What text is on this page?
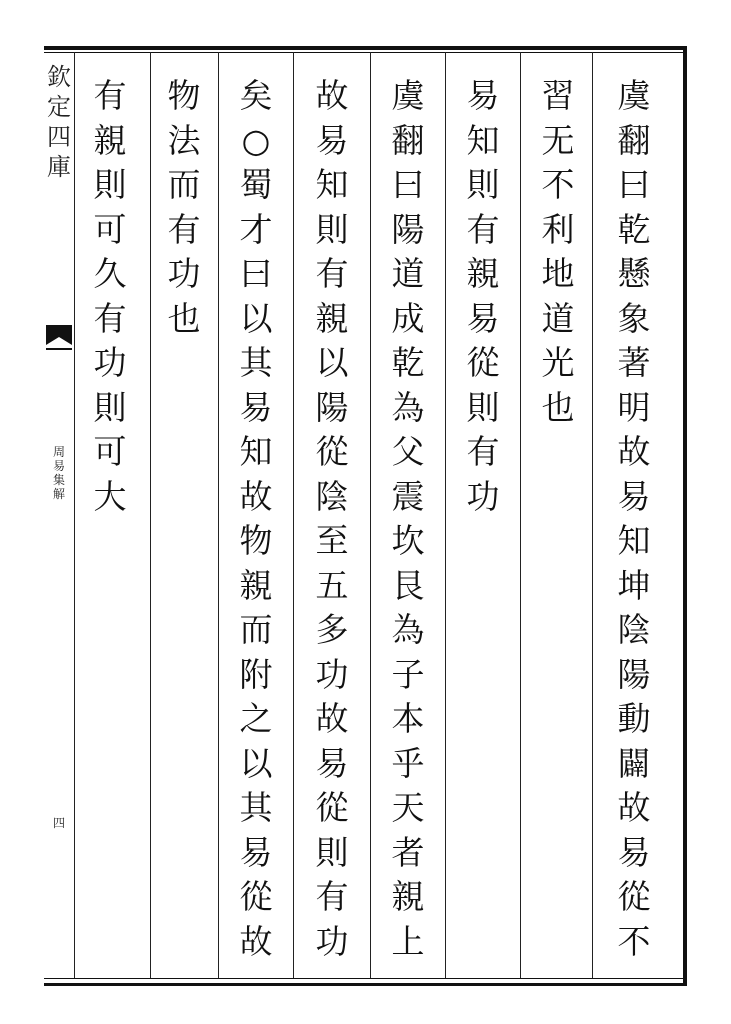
欽
定
四
庫
周
易
集
解
四
虞
翻
曰
乾
懸
象
著
明
故
易
知
坤
陰
陽
動
闢
故
易
從
不
習
无
不
利
地
道
光
也
易
知
則
有
親
易
從
則
有
功
虞
翻
曰
陽
道
成
乾
為
父
震
坎
艮
為
子
本
乎
天
者
親
上
故
易
知
則
有
親
以
陽
從
陰
至
五
多
功
故
易
從
則
有
功
矣
○
蜀
才
曰
以
其
易
知
故
物
親
而
附
之
以
其
易
從
故
物
法
而
有
功
也
有
親
則
可
久
有
功
則
可
大
